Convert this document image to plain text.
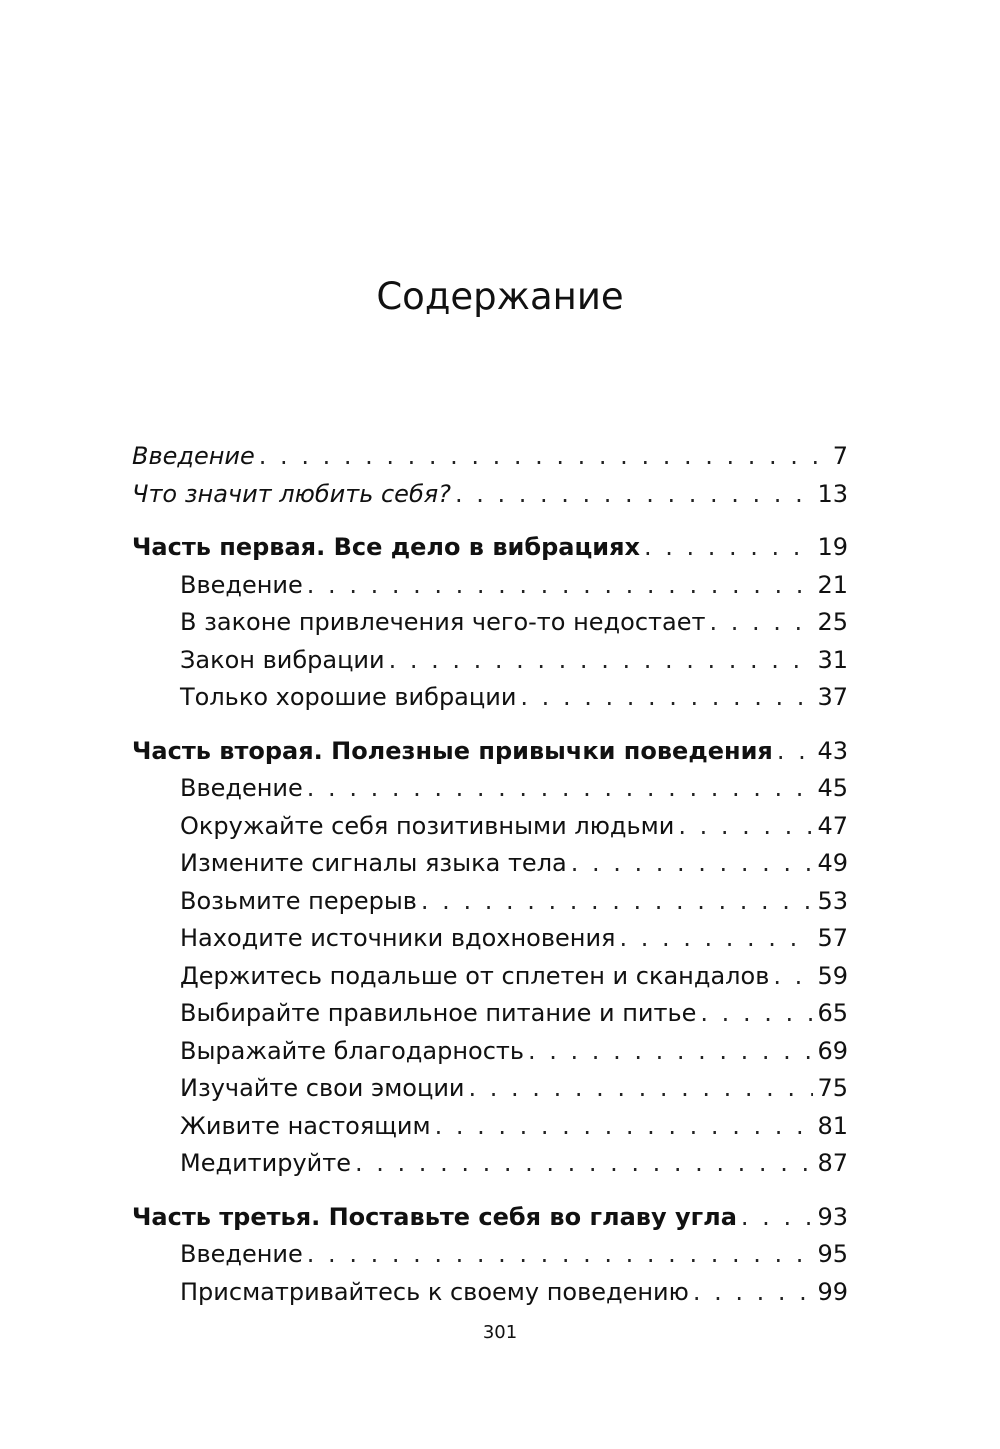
Содержание
Введение . . .	7
Что значит любить себя? . . .	13
Часть первая. Все дело в вибрациях . . .	19
Введение . . .	21
В законе привлечения чего-то недостает . . .	25
Закон вибрации . . .	31
Только хорошие вибрации . . .	37
Часть вторая. Полезные привычки поведения . . . 43
Введение . . .	45
Окружайте себя позитивными людьми . . .	47
Измените сигналы языка тела . . .	49
Возьмите перерыв . . .	53
Находите источники вдохновения . . .	57
Держитесь подальше от сплетен и скандалов . . . 59
Выбирайте правильное питание и питье . . .	65
Выражайте благодарность . . .	69
Изучайте свои эмоции . . .	75
Живите настоящим . . .	81
Медитируйте . . .	87
Часть третья. Поставьте себя во главу угла . . .	93
Введение . . .	95
Присматривайтесь к своему поведению . . .	99
301
